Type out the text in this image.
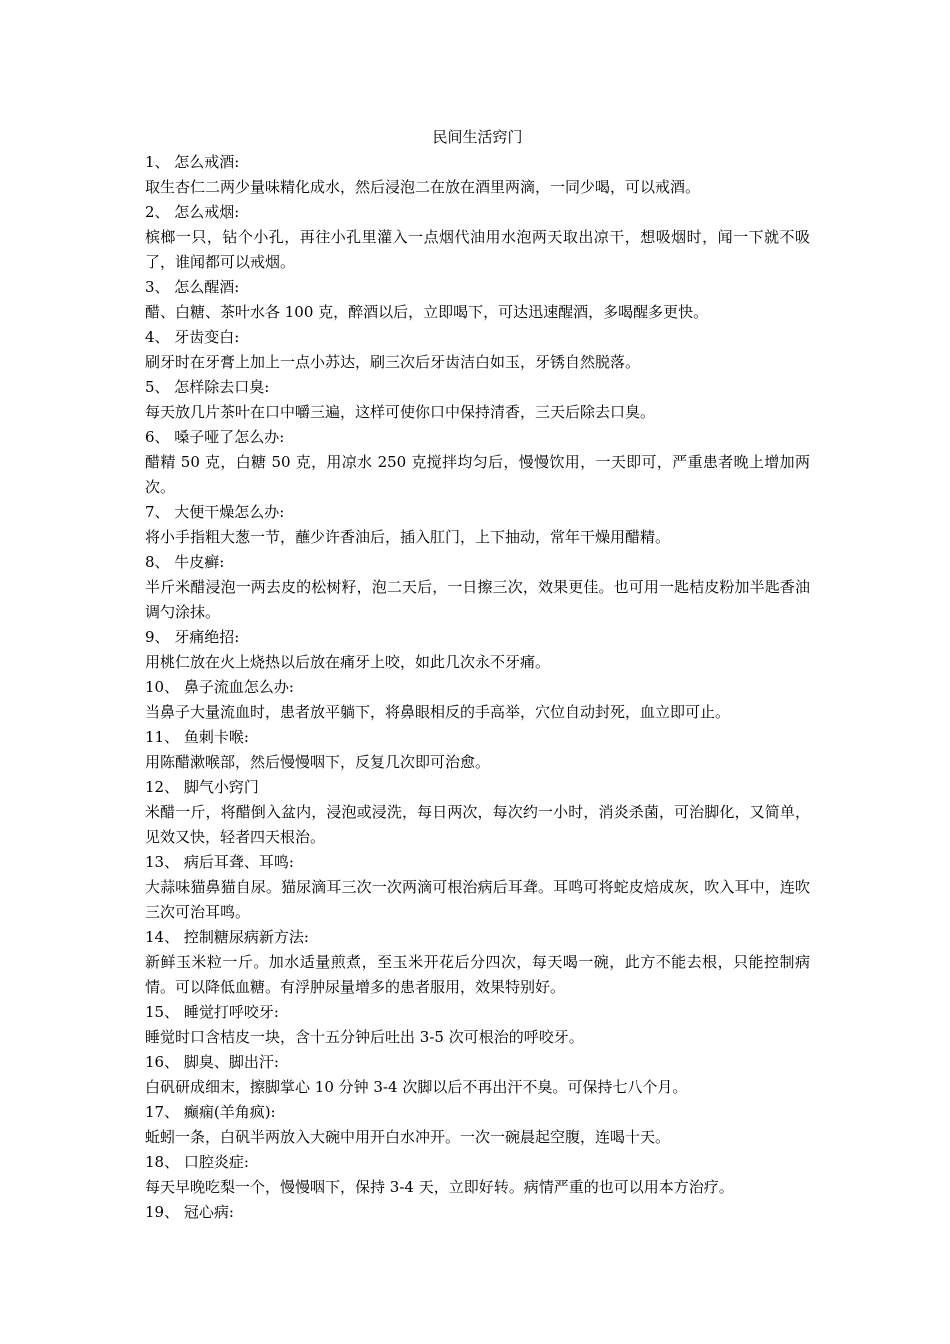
民间生活窍门
1、 怎么戒酒:
取生杏仁二两少量味精化成水，然后浸泡二在放在酒里两滴，一同少喝，可以戒酒。
2、 怎么戒烟:
槟榔一只，钻个小孔，再往小孔里灌入一点烟代油用水泡两天取出凉干，想吸烟时，闻一下就不吸了，谁闻都可以戒烟。
3、 怎么醒酒:
醋、白糖、茶叶水各 100 克，醉酒以后，立即喝下，可达迅速醒酒，多喝醒多更快。
4、 牙齿变白:
刷牙时在牙膏上加上一点小苏达，刷三次后牙齿洁白如玉，牙锈自然脱落。
5、 怎样除去口臭:
每天放几片茶叶在口中嚼三遍，这样可使你口中保持清香，三天后除去口臭。
6、 嗓子哑了怎么办:
醋精 50 克，白糖 50 克，用凉水 250 克搅拌均匀后，慢慢饮用，一天即可，严重患者晚上增加两次。
7、 大便干燥怎么办:
将小手指粗大葱一节，蘸少许香油后，插入肛门，上下抽动，常年干燥用醋精。
8、 牛皮癣:
半斤米醋浸泡一两去皮的松树籽，泡二天后，一日擦三次，效果更佳。也可用一匙桔皮粉加半匙香油调勺涂抹。
9、 牙痛绝招:
用桃仁放在火上烧热以后放在痛牙上咬，如此几次永不牙痛。
10、 鼻子流血怎么办:
当鼻子大量流血时，患者放平躺下，将鼻眼相反的手高举，穴位自动封死，血立即可止。
11、 鱼刺卡喉:
用陈醋漱喉部，然后慢慢咽下，反复几次即可治愈。
12、 脚气小窍门
米醋一斤，将醋倒入盆内，浸泡或浸洗，每日两次，每次约一小时，消炎杀菌，可治脚化，又简单，见效又快，轻者四天根治。
13、 病后耳聋、耳鸣:
大蒜味猫鼻猫自尿。猫尿滴耳三次一次两滴可根治病后耳聋。耳鸣可将蛇皮焙成灰，吹入耳中，连吹三次可治耳鸣。
14、 控制糖尿病新方法:
新鲜玉米粒一斤。加水适量煎煮，至玉米开花后分四次，每天喝一碗，此方不能去根，只能控制病情。可以降低血糖。有浮肿尿量增多的患者服用，效果特别好。
15、 睡觉打呼咬牙:
睡觉时口含桔皮一块，含十五分钟后吐出 3-5 次可根治的呼咬牙。
16、 脚臭、脚出汗:
白矾研成细末，擦脚掌心 10 分钟 3-4 次脚以后不再出汗不臭。可保持七八个月。
17、 癫痫(羊角疯):
蚯蚓一条，白矾半两放入大碗中用开白水冲开。一次一碗晨起空腹，连喝十天。
18、 口腔炎症:
每天早晚吃梨一个，慢慢咽下，保持 3-4 天，立即好转。病情严重的也可以用本方治疗。
19、 冠心病:
